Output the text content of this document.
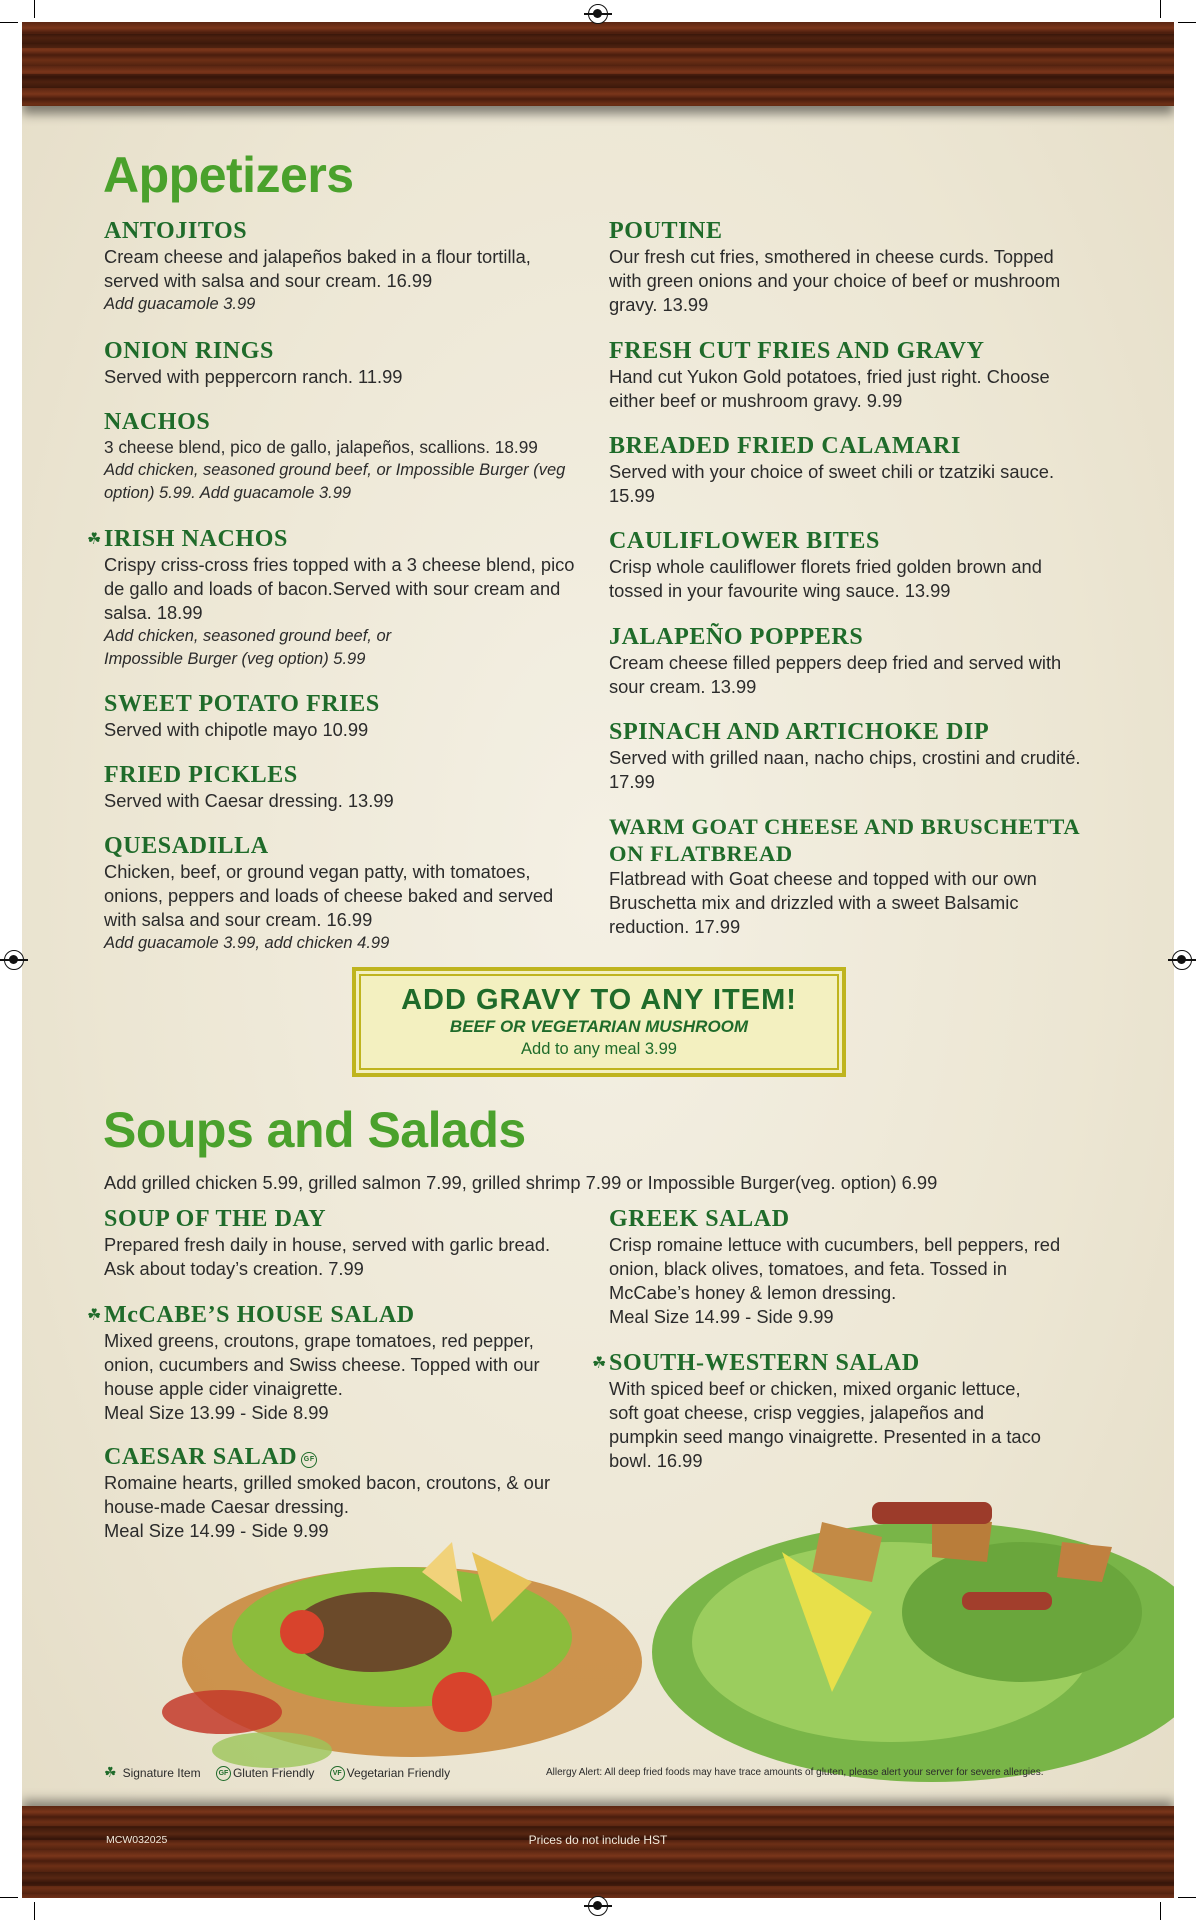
Appetizers
ANTOJITOS
Cream cheese and jalapeños baked in a flour tortilla, served with salsa and sour cream. 16.99
Add guacamole 3.99
ONION RINGS
Served with peppercorn ranch. 11.99
NACHOS
3 cheese blend, pico de gallo, jalapeños, scallions. 18.99
Add chicken, seasoned ground beef, or Impossible Burger (veg option) 5.99. Add guacamole 3.99
☘ IRISH NACHOS
Crispy criss-cross fries topped with a 3 cheese blend, pico de gallo and loads of bacon.Served with sour cream and salsa. 18.99
Add chicken, seasoned ground beef, or Impossible Burger (veg option) 5.99
SWEET POTATO FRIES
Served with chipotle mayo 10.99
FRIED PICKLES
Served with Caesar dressing. 13.99
QUESADILLA
Chicken, beef, or ground vegan patty, with tomatoes, onions, peppers and loads of cheese baked and served with salsa and sour cream. 16.99
Add guacamole 3.99, add chicken 4.99
POUTINE
Our fresh cut fries, smothered in cheese curds. Topped with green onions and your choice of beef or mushroom gravy. 13.99
FRESH CUT FRIES AND GRAVY
Hand cut Yukon Gold potatoes, fried just right. Choose either beef or mushroom gravy. 9.99
BREADED FRIED CALAMARI
Served with your choice of sweet chili or tzatziki sauce. 15.99
CAULIFLOWER BITES
Crisp whole cauliflower florets fried golden brown and tossed in your favourite wing sauce. 13.99
JALAPEÑO POPPERS
Cream cheese filled peppers deep fried and served with sour cream. 13.99
SPINACH AND ARTICHOKE DIP
Served with grilled naan, nacho chips, crostini and crudité. 17.99
WARM GOAT CHEESE AND BRUSCHETTA ON FLATBREAD
Flatbread with Goat cheese and topped with our own Bruschetta mix and drizzled with a sweet Balsamic reduction. 17.99
ADD GRAVY TO ANY ITEM!
BEEF OR VEGETARIAN MUSHROOM
Add to any meal 3.99
Soups and Salads
Add grilled chicken 5.99, grilled salmon 7.99, grilled shrimp 7.99 or Impossible Burger(veg. option) 6.99
SOUP OF THE DAY
Prepared fresh daily in house, served with garlic bread. Ask about today’s creation. 7.99
☘ McCABE’S HOUSE SALAD
Mixed greens, croutons, grape tomatoes, red pepper, onion, cucumbers and Swiss cheese. Topped with our house apple cider vinaigrette.
Meal Size 13.99 - Side 8.99
CAESAR SALAD GF
Romaine hearts, grilled smoked bacon, croutons, & our house-made Caesar dressing.
Meal Size 14.99 - Side 9.99
GREEK SALAD
Crisp romaine lettuce with cucumbers, bell peppers, red onion, black olives, tomatoes, and feta. Tossed in McCabe’s honey & lemon dressing.
Meal Size 14.99 - Side 9.99
☘ SOUTH-WESTERN SALAD
With spiced beef or chicken, mixed organic lettuce, soft goat cheese, crisp veggies, jalapeños and pumpkin seed mango vinaigrette. Presented in a taco bowl. 16.99
☘ Signature Item	GF Gluten Friendly	VF Vegetarian Friendly	Allergy Alert: All deep fried foods may have trace amounts of gluten, please alert your server for severe allergies.
MCW032025	Prices do not include HST
